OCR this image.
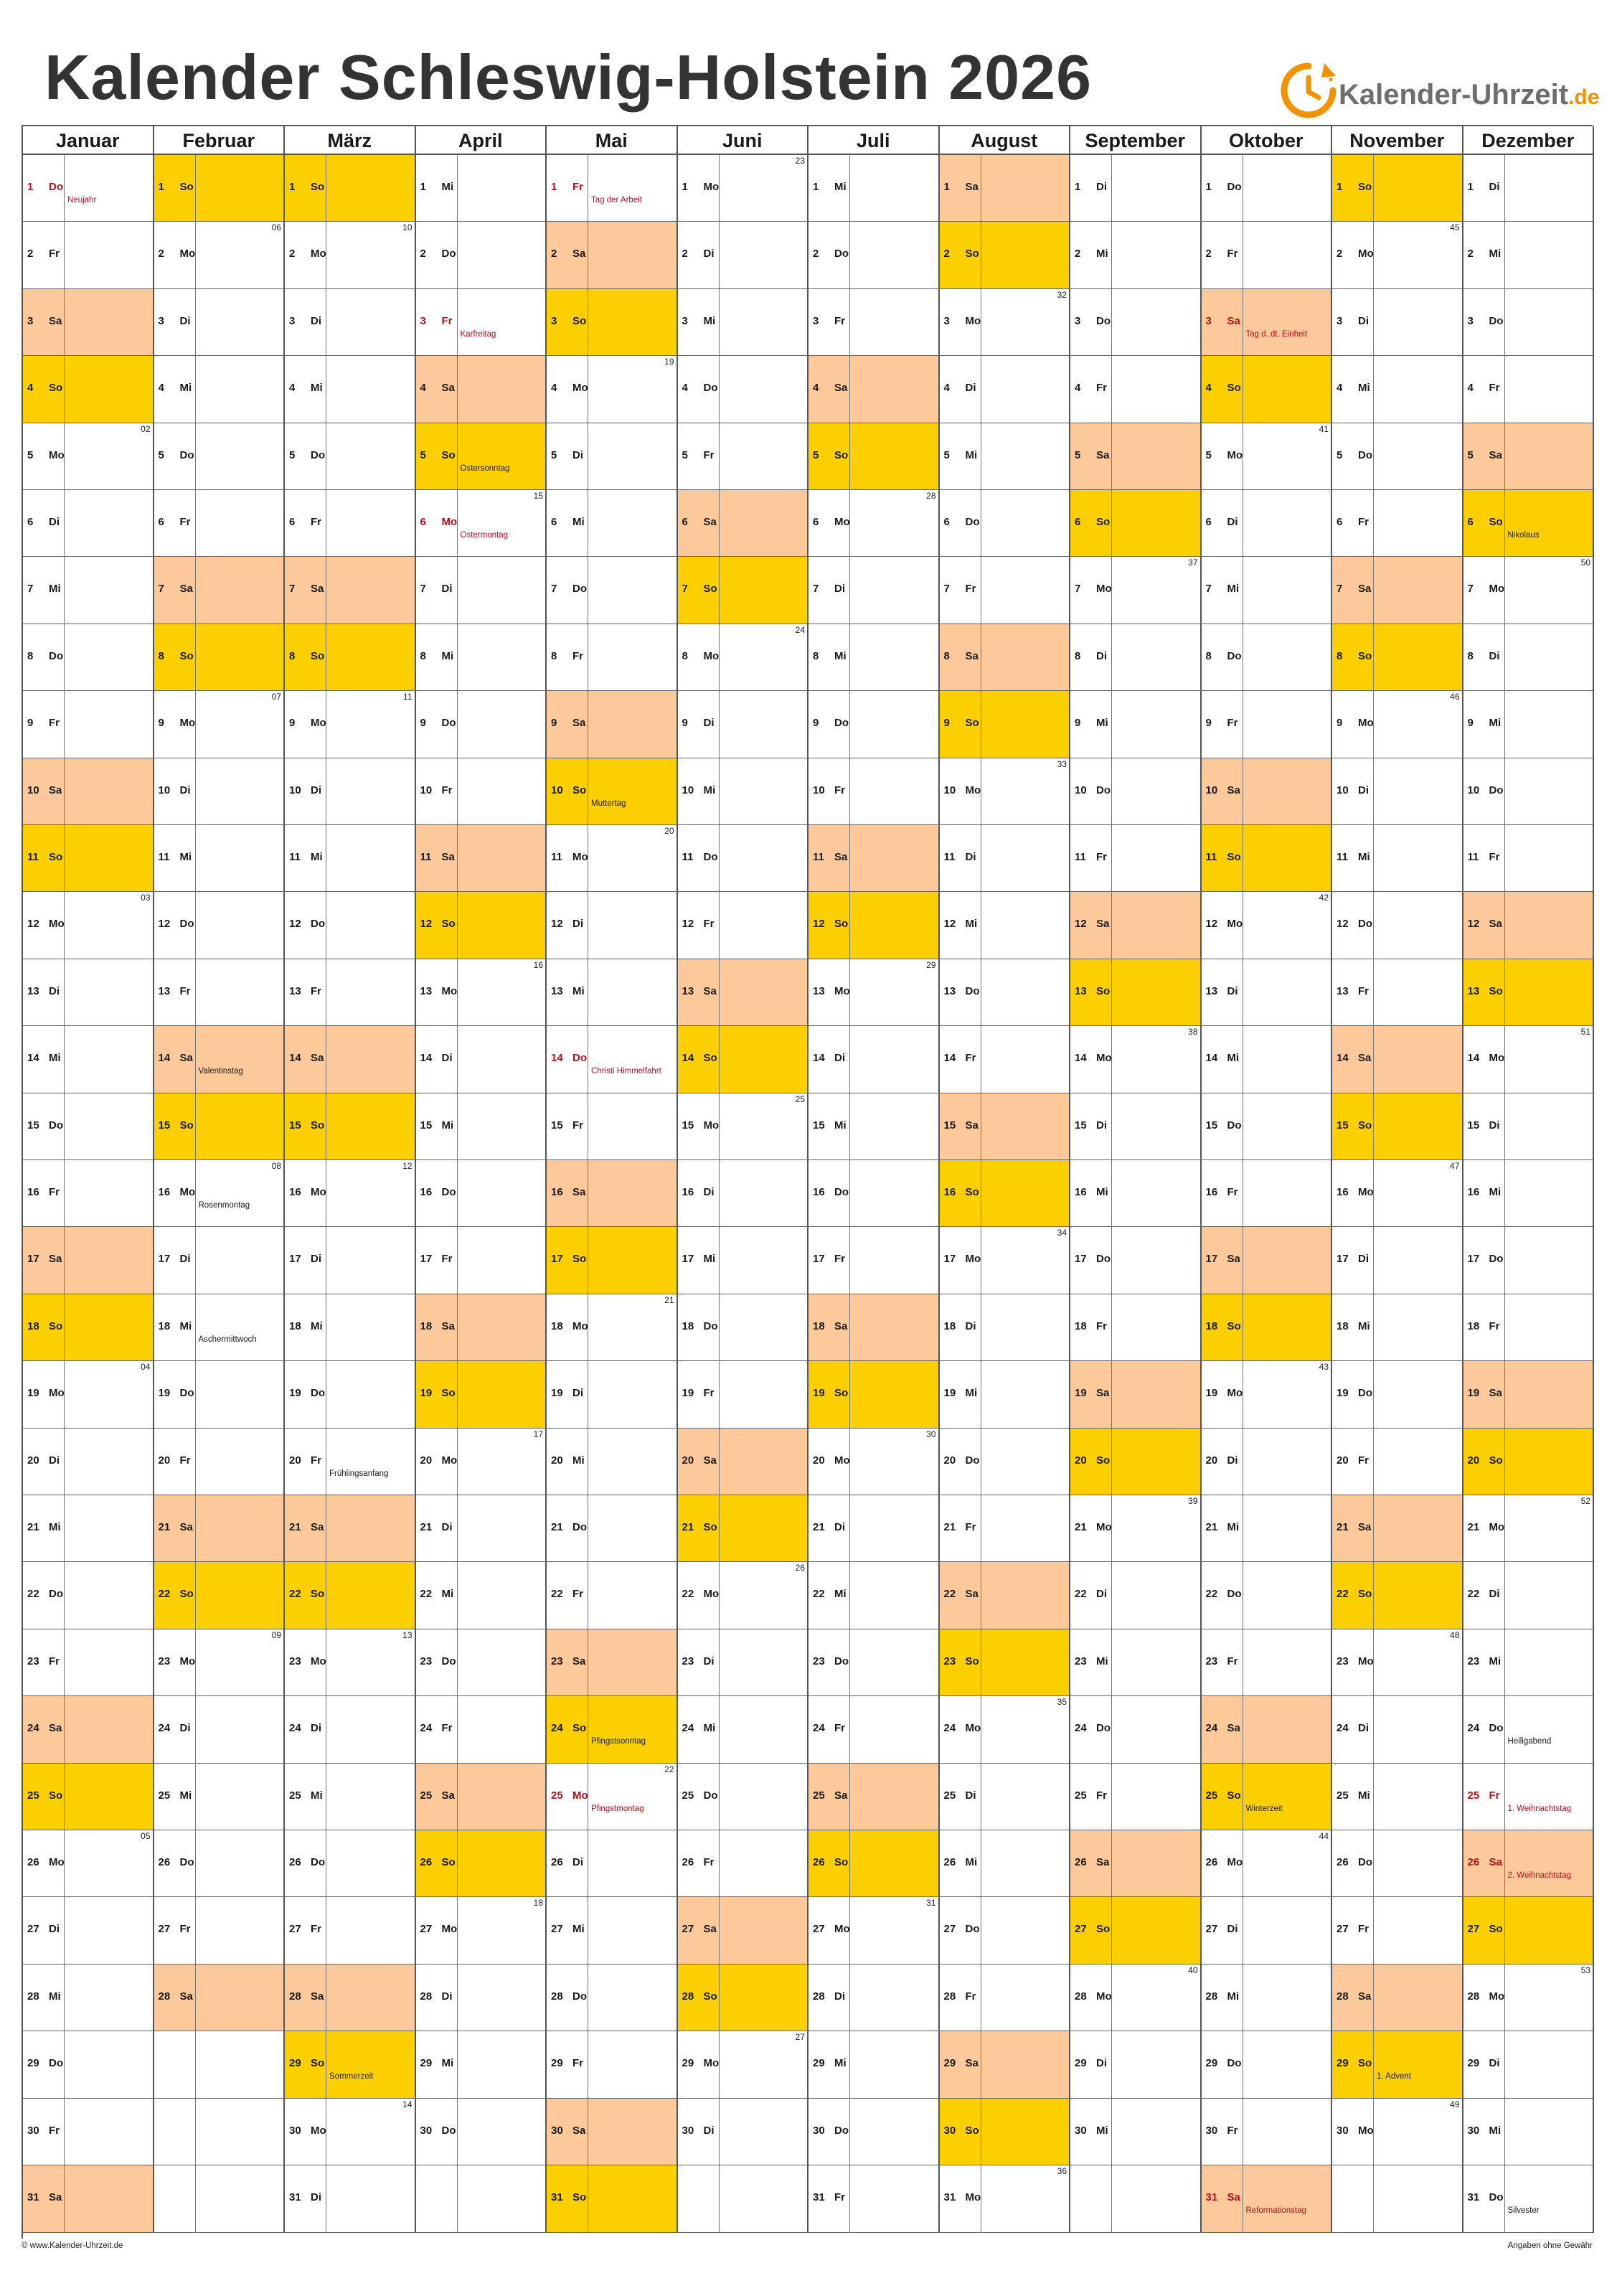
Kalender Schleswig-Holstein 2026	Kalender-Uhrzeit.de
Januar
1 Do
Neujahr
2 Fr
3 Sa
4 So
5 Mo
02
6 Di
7 Mi
8 Do
9 Fr
10 Sa
11 So
12 Mo
03
13 Di
14 Mi
15 Do
16 Fr
17 Sa
18 So
19 Mo
04
20 Di
21 Mi
22 Do
23 Fr
24 Sa
25 So
26 Mo
05
27 Di
28 Mi
29 Do
30 Fr
31 Sa
Februar
1 So
2 Mo
06
3 Di
4 Mi
5 Do
6 Fr
7 Sa
8 So
9 Mo
07
10 Di
11 Mi
12 Do
13 Fr
14 Sa
Valentinstag
15 So
16 Mo
08
Rosenmontag
17 Di
18 Mi
Aschermittwoch
19 Do
20 Fr
21 Sa
22 So
23 Mo
09
24 Di
25 Mi
26 Do
27 Fr
28 Sa
März
1 So
2 Mo
10
3 Di
4 Mi
5 Do
6 Fr
7 Sa
8 So
9 Mo
11
10 Di
11 Mi
12 Do
13 Fr
14 Sa
15 So
16 Mo
12
17 Di
18 Mi
19 Do
20 Fr
Frühlingsanfang
21 Sa
22 So
23 Mo
13
24 Di
25 Mi
26 Do
27 Fr
28 Sa
29 So
Sommerzeit
30 Mo
14
31 Di
April
1 Mi
2 Do
3 Fr
Karfreitag
4 Sa
5 So
Ostersonntag
6 Mo
15
Ostermontag
7 Di
8 Mi
9 Do
10 Fr
11 Sa
12 So
13 Mo
16
14 Di
15 Mi
16 Do
17 Fr
18 Sa
19 So
20 Mo
17
21 Di
22 Mi
23 Do
24 Fr
25 Sa
26 So
27 Mo
18
28 Di
29 Mi
30 Do
Mai
1 Fr
Tag der Arbeit
2 Sa
3 So
4 Mo
19
5 Di
6 Mi
7 Do
8 Fr
9 Sa
10 So
Muttertag
11 Mo
20
12 Di
13 Mi
14 Do
Christi Himmelfahrt
15 Fr
16 Sa
17 So
18 Mo
21
19 Di
20 Mi
21 Do
22 Fr
23 Sa
24 So
Pfingstsonntag
25 Mo
22
Pfingstmontag
26 Di
27 Mi
28 Do
29 Fr
30 Sa
31 So
Juni
1 Mo
23
2 Di
3 Mi
4 Do
5 Fr
6 Sa
7 So
8 Mo
24
9 Di
10 Mi
11 Do
12 Fr
13 Sa
14 So
15 Mo
25
16 Di
17 Mi
18 Do
19 Fr
20 Sa
21 So
22 Mo
26
23 Di
24 Mi
25 Do
26 Fr
27 Sa
28 So
29 Mo
27
30 Di
Juli
1 Mi
2 Do
3 Fr
4 Sa
5 So
6 Mo
28
7 Di
8 Mi
9 Do
10 Fr
11 Sa
12 So
13 Mo
29
14 Di
15 Mi
16 Do
17 Fr
18 Sa
19 So
20 Mo
30
21 Di
22 Mi
23 Do
24 Fr
25 Sa
26 So
27 Mo
31
28 Di
29 Mi
30 Do
31 Fr
August
1 Sa
2 So
3 Mo
32
4 Di
5 Mi
6 Do
7 Fr
8 Sa
9 So
10 Mo
33
11 Di
12 Mi
13 Do
14 Fr
15 Sa
16 So
17 Mo
34
18 Di
19 Mi
20 Do
21 Fr
22 Sa
23 So
24 Mo
35
25 Di
26 Mi
27 Do
28 Fr
29 Sa
30 So
31 Mo
36
September
1 Di
2 Mi
3 Do
4 Fr
5 Sa
6 So
7 Mo
37
8 Di
9 Mi
10 Do
11 Fr
12 Sa
13 So
14 Mo
38
15 Di
16 Mi
17 Do
18 Fr
19 Sa
20 So
21 Mo
39
22 Di
23 Mi
24 Do
25 Fr
26 Sa
27 So
28 Mo
40
29 Di
30 Mi
Oktober
1 Do
2 Fr
3 Sa
Tag d. dt. Einheit
4 So
5 Mo
41
6 Di
7 Mi
8 Do
9 Fr
10 Sa
11 So
12 Mo
42
13 Di
14 Mi
15 Do
16 Fr
17 Sa
18 So
19 Mo
43
20 Di
21 Mi
22 Do
23 Fr
24 Sa
25 So
Winterzeit
26 Mo
44
27 Di
28 Mi
29 Do
30 Fr
31 Sa
Reformationstag
November
1 So
2 Mo
45
3 Di
4 Mi
5 Do
6 Fr
7 Sa
8 So
9 Mo
46
10 Di
11 Mi
12 Do
13 Fr
14 Sa
15 So
16 Mo
47
17 Di
18 Mi
19 Do
20 Fr
21 Sa
22 So
23 Mo
48
24 Di
25 Mi
26 Do
27 Fr
28 Sa
29 So
1. Advent
30 Mo
49
Dezember
1 Di
2 Mi
3 Do
4 Fr
5 Sa
6 So
Nikolaus
7 Mo
50
8 Di
9 Mi
10 Do
11 Fr
12 Sa
13 So
14 Mo
51
15 Di
16 Mi
17 Do
18 Fr
19 Sa
20 So
21 Mo
52
22 Di
23 Mi
24 Do
Heiligabend
25 Fr
1. Weihnachtstag
26 Sa
2. Weihnachtstag
27 So
28 Mo
53
29 Di
30 Mi
31 Do
Silvester
© www.Kalender-Uhrzeit.de	Angaben ohne Gewähr
